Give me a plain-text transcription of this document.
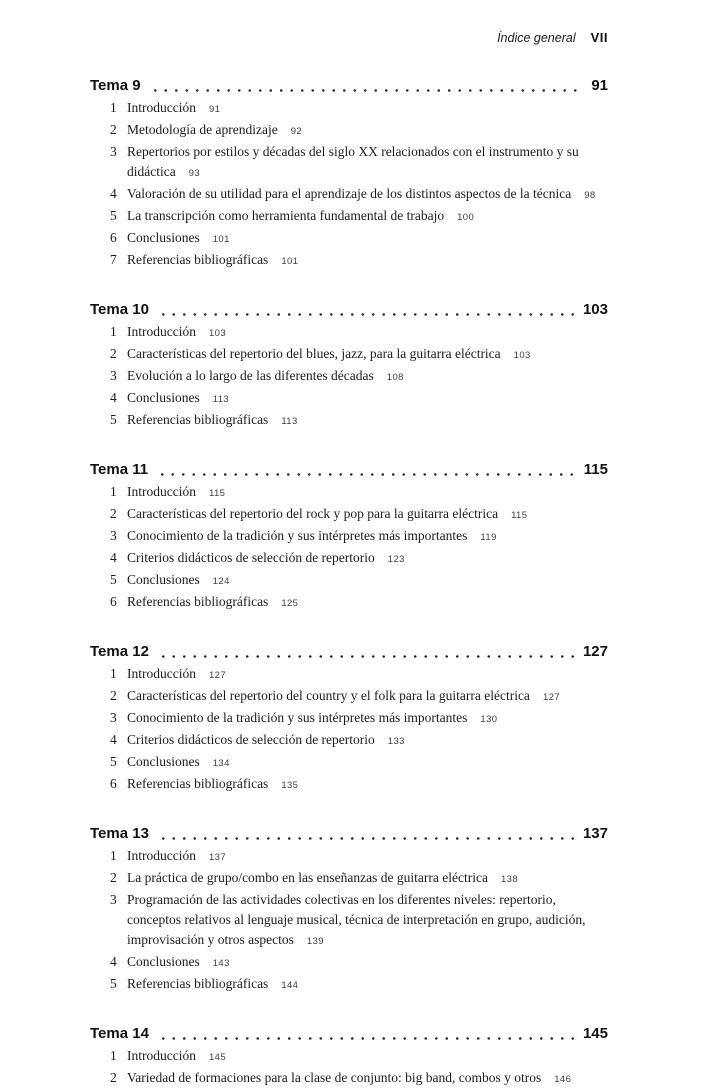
Índice general VII
Tema 9	91
1 Introducción 91
2 Metodología de aprendizaje 92
3 Repertorios por estilos y décadas del siglo XX relacionados con el instrumento y su didáctica 93
4 Valoración de su utilidad para el aprendizaje de los distintos aspectos de la técnica 98
5 La transcripción como herramienta fundamental de trabajo 100
6 Conclusiones 101
7 Referencias bibliográficas 101
Tema 10	103
1 Introducción 103
2 Características del repertorio del blues, jazz, para la guitarra eléctrica 103
3 Evolución a lo largo de las diferentes décadas 108
4 Conclusiones 113
5 Referencias bibliográficas 113
Tema 11	115
1 Introducción 115
2 Características del repertorio del rock y pop para la guitarra eléctrica 115
3 Conocimiento de la tradición y sus intérpretes más importantes 119
4 Criterios didácticos de selección de repertorio 123
5 Conclusiones 124
6 Referencias bibliográficas 125
Tema 12	127
1 Introducción 127
2 Características del repertorio del country y el folk para la guitarra eléctrica 127
3 Conocimiento de la tradición y sus intérpretes más importantes 130
4 Criterios didácticos de selección de repertorio 133
5 Conclusiones 134
6 Referencias bibliográficas 135
Tema 13	137
1 Introducción 137
2 La práctica de grupo/combo en las enseñanzas de guitarra eléctrica 138
3 Programación de las actividades colectivas en los diferentes niveles: repertorio, conceptos relativos al lenguaje musical, técnica de interpretación en grupo, audición, improvisación y otros aspectos 139
4 Conclusiones 143
5 Referencias bibliográficas 144
Tema 14	145
1 Introducción 145
2 Variedad de formaciones para la clase de conjunto: big band, combos y otros 146
